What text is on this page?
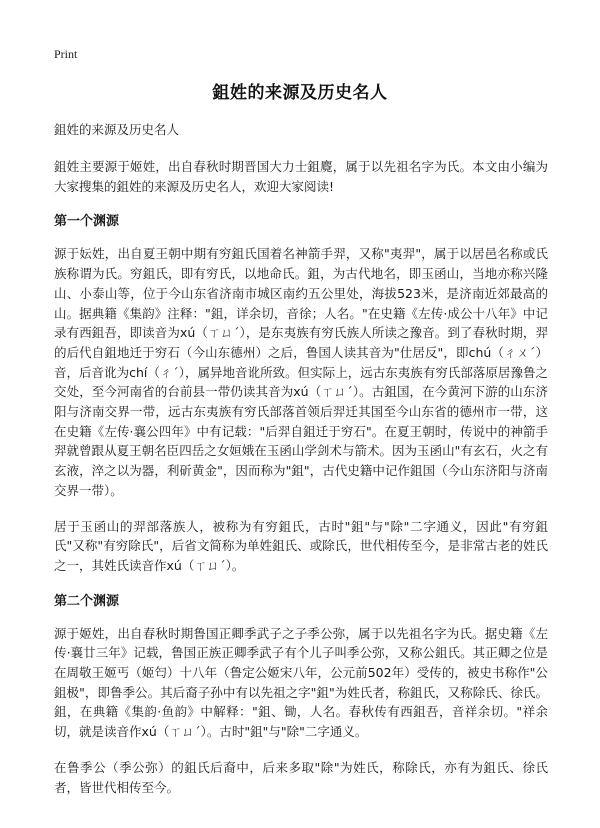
Print
鉏姓的来源及历史名人
鉏姓的来源及历史名人

鉏姓主要源于姬姓，出自春秋时期晋国大力士鉏麑，属于以先祖名字为氏。本文由小编为大家搜集的鉏姓的来源及历史名人，欢迎大家阅读!

第一个渊源

源于妘姓，出自夏王朝中期有穷鉏氏国着名神箭手羿，又称"夷羿"，属于以居邑名称或氏族称谓为氏。穷鉏氏，即有穷氏，以地命氏。鉏，为古代地名，即玉函山，当地亦称兴隆山、小泰山等，位于今山东省济南市城区南约五公里处，海拔523米，是济南近郊最高的山。据典籍《集韵》注释："鉏，详余切，音徐；人名。"在史籍《左传·成公十八年》中记录有西鉏吾，即读音为xú（ㄒㄩˊ），是东夷族有穷氏族人所读之豫音。到了春秋时期，羿的后代自鉏地迁于穷石（今山东德州）之后，鲁国人读其音为"仕居反"，即chú（ㄔㄨˊ）音，后音讹为chí（ㄔˊ），属异地音讹所致。但实际上，远古东夷族有穷氏部落原居豫鲁之交处，至今河南省的台前县一带仍读其音为xú（ㄒㄩˊ）。古鉏国，在今黄河下游的山东济阳与济南交界一带，远古东夷族有穷氏部落首领后羿迁其国至今山东省的德州市一带，这在史籍《左传·襄公四年》中有记载："后羿自鉏迁于穷石"。在夏王朝时，传说中的神箭手羿就曾跟从夏王朝名臣四岳之女姮娥在玉函山学剑术与箭术。因为玉函山"有玄石，火之有玄液，淬之以为器，利斫黄金"，因而称为"鉏"，古代史籍中记作鉏国（今山东济阳与济南交界一带）。

居于玉函山的羿部落族人，被称为有穷鉏氏，古时"鉏"与"除"二字通义，因此"有穷鉏氏"又称"有穷除氏"，后省文简称为单姓鉏氏、或除氏，世代相传至今，是非常古老的姓氏之一，其姓氏读音作xú（ㄒㄩˊ）。

第二个渊源

源于姬姓，出自春秋时期鲁国正卿季武子之子季公弥，属于以先祖名字为氏。据史籍《左传·襄廿三年》记载，鲁国正族正卿季武子有个儿子叫季公弥，又称公鉏氏。其正卿之位是在周敬王姬丐（姬匄）十八年（鲁定公姬宋八年，公元前502年）受传的，被史书称作"公鉏极"，即鲁季公。其后裔子孙中有以先祖之字"鉏"为姓氏者，称鉏氏，又称除氏、徐氏。鉏，在典籍《集韵·鱼韵》中解释："鉏、锄，人名。春秋传有西鉏吾，音祥余切。"祥余切，就是读音作xú（ㄒㄩˊ）。古时"鉏"与"除"二字通义。

在鲁季公（季公弥）的鉏氏后裔中，后来多取"除"为姓氏，称除氏，亦有为鉏氏、徐氏者，皆世代相传至今。
